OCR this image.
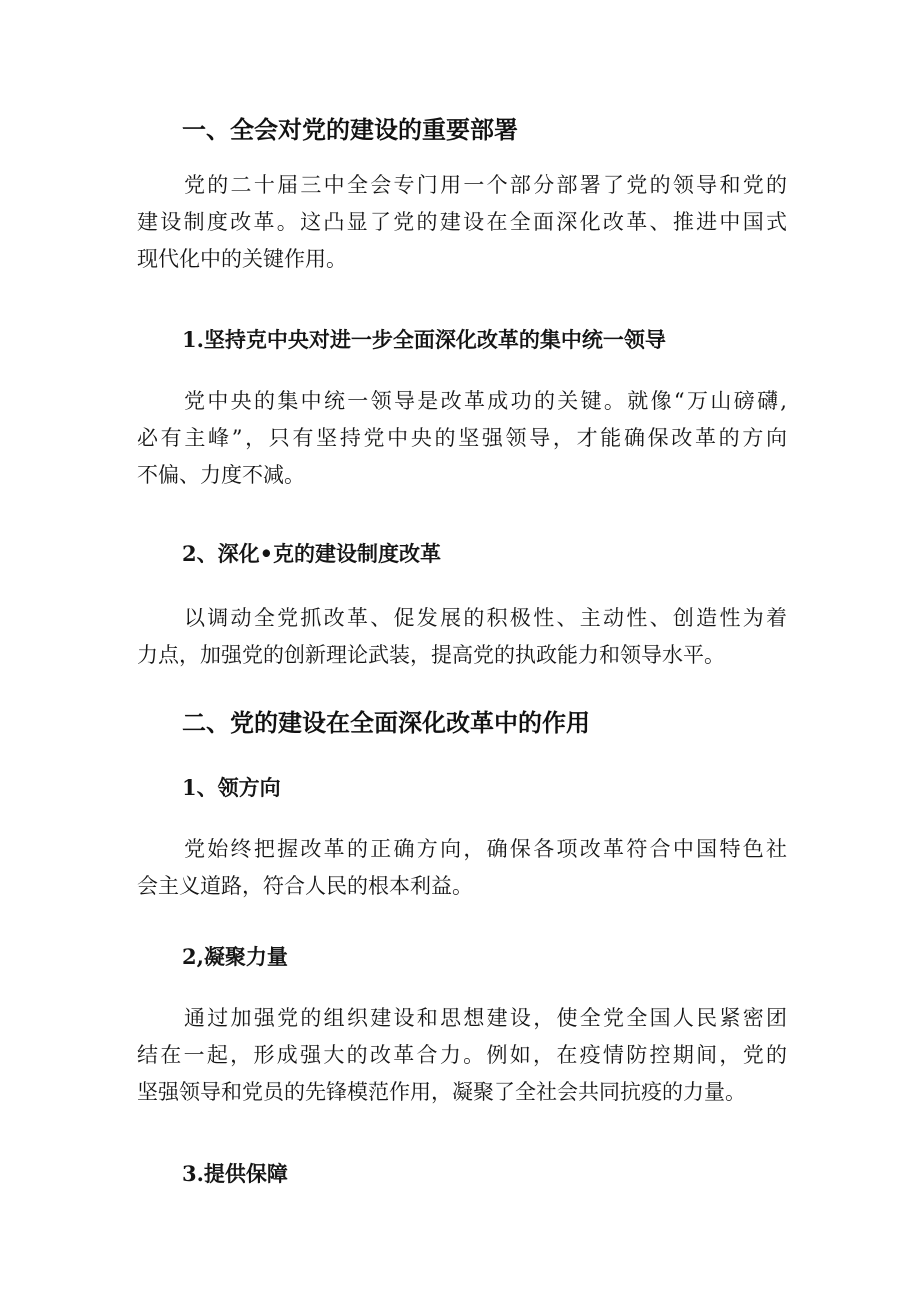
一、全会对党的建设的重要部署
党的二十届三中全会专门用一个部分部署了党的领导和党的
建设制度改革。这凸显了党的建设在全面深化改革、推进中国式
现代化中的关键作用。
1.坚持克中央对进一步全面深化改革的集中统一领导
党中央的集中统一领导是改革成功的关键。就像“万山磅礴,
必有主峰”，只有坚持党中央的坚强领导，才能确保改革的方向
不偏、力度不减。
2、深化•克的建设制度改革
以调动全党抓改革、促发展的积极性、主动性、创造性为着
力点，加强党的创新理论武装，提高党的执政能力和领导水平。
二、党的建设在全面深化改革中的作用
1、领方向
党始终把握改革的正确方向，确保各项改革符合中国特色社
会主义道路，符合人民的根本利益。
2,凝聚力量
通过加强党的组织建设和思想建设，使全党全国人民紧密团
结在一起，形成强大的改革合力。例如，在疫情防控期间，党的
坚强领导和党员的先锋模范作用，凝聚了全社会共同抗疫的力量。
3.提供保障
